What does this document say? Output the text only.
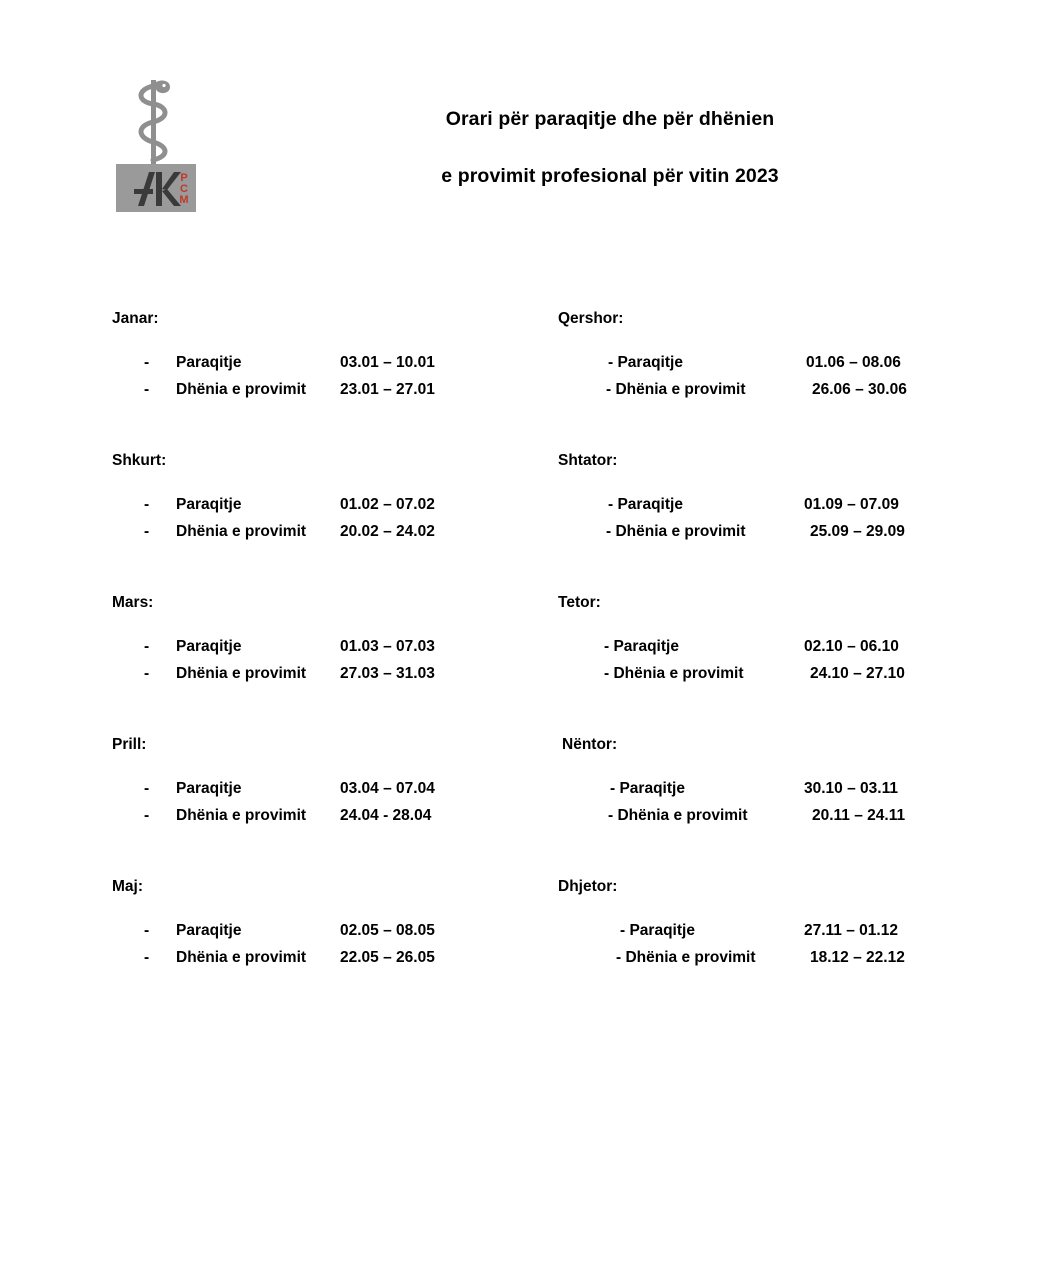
P
C
M
Orari për paraqitje dhe për dhënien
e provimit profesional për vitin 2023
Janar:
- Paraqitje	03.01 – 10.01
- Dhënia e provimit 23.01 – 27.01
Shkurt:
- Paraqitje	01.02 – 07.02
- Dhënia e provimit 20.02 – 24.02
Mars:
- Paraqitje	01.03 – 07.03
- Dhënia e provimit 27.03 – 31.03
Prill:
- Paraqitje	03.04 – 07.04
- Dhënia e provimit 24.04 - 28.04
Maj:
- Paraqitje	02.05 – 08.05
- Dhënia e provimit 22.05 – 26.05
Qershor:
- Paraqitje	01.06 – 08.06
- Dhënia e provimit	26.06 – 30.06
Shtator:
- Paraqitje	01.09 – 07.09
- Dhënia e provimit	25.09 – 29.09
Tetor:
- Paraqitje	02.10 – 06.10
- Dhënia e provimit	24.10 – 27.10
Nëntor:
- Paraqitje	30.10 – 03.11
- Dhënia e provimit	20.11 – 24.11
Dhjetor:
- Paraqitje	27.11 – 01.12
- Dhënia e provimit	18.12 – 22.12
